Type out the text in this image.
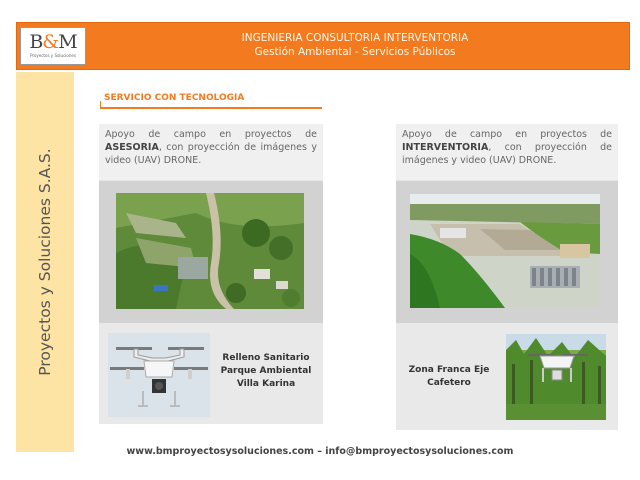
B&M
Proyectos y Soluciones
INGENIERIA CONSULTORIA INTERVENTORIA
Gestión Ambiental - Servicios Públicos
Proyectos y Soluciones S.A.S.
SERVICIO CON TECNOLOGIA
Apoyo de campo en proyectos de ASESORIA, con proyección de imágenes y video (UAV) DRONE.
Relleno Sanitario
Parque Ambiental
Villa Karina
Apoyo de campo en proyectos de INTERVENTORIA, con proyección de imágenes y video (UAV) DRONE.
Zona Franca Eje
Cafetero
www.bmproyectosysoluciones.com – info@bmproyectosysoluciones.com
